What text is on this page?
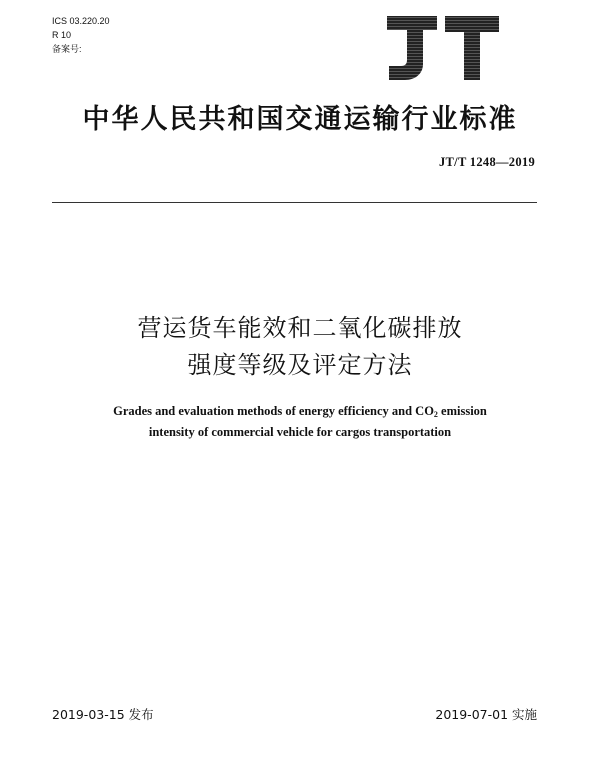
ICS 03.220.20
R 10
备案号:
中华人民共和国交通运输行业标准
JT/T 1248—2019
营运货车能效和二氧化碳排放
强度等级及评定方法
Grades and evaluation methods of energy efficiency and $CO_2$ emission
intensity of commercial vehicle for cargos transportation
2019-03-15 发布	2019-07-01 实施
